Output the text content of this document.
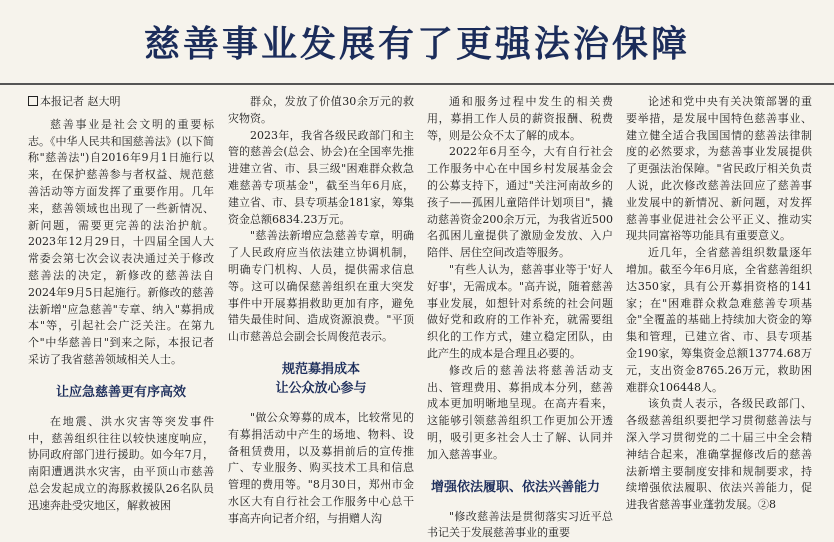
慈善事业发展有了更强法治保障
本报记者 赵大明

慈善事业是社会文明的重要标志。《中华人民共和国慈善法》(以下简称"慈善法")自2016年9月1日施行以来，在保护慈善参与者权益、规范慈善活动等方面发挥了重要作用。几年来，慈善领域也出现了一些新情况、新问题，需要更完善的法治护航。2023年12月29日，十四届全国人大常委会第七次会议表决通过关于修改慈善法的决定，新修改的慈善法自2024年9月5日起施行。新修改的慈善法新增"应急慈善"专章、纳入"募捐成本"等，引起社会广泛关注。在第九个"中华慈善日"到来之际，本报记者采访了我省慈善领域相关人士。

让应急慈善更有序高效

在地震、洪水灾害等突发事件中，慈善组织往往以较快速度响应，协同政府部门进行援助。如今年7月，南阳遭遇洪水灾害，由平顶山市慈善总会发起成立的海豚救援队26名队员迅速奔赴受灾地区，解救被困

群众，发放了价值30余万元的救灾物资。

2023年，我省各级民政部门和主管的慈善会(总会、协会)在全国率先推进建立省、市、县三级"困难群众救急难慈善专项基金"，截至当年6月底，建立省、市、县专项基金181家，筹集资金总额6834.23万元。

"慈善法新增应急慈善专章，明确了人民政府应当依法建立协调机制，明确专门机构、人员，提供需求信息等。这可以确保慈善组织在重大突发事件中开展募捐救助更加有序，避免错失最佳时间、造成资源浪费。"平顶山市慈善总会副会长周俊范表示。

规范募捐成本
让公众放心参与

"做公众筹募的成本，比较常见的有募捐活动中产生的场地、物料、设备租赁费用，以及募捐前后的宣传推广、专业服务、购买技术工具和信息管理的费用等。"8月30日，郑州市金水区大有自行社会工作服务中心总干事高卉向记者介绍，与捐赠人沟

通和服务过程中发生的相关费用，募捐工作人员的薪资报酬、税费等，则是公众不太了解的成本。

2022年6月至今，大有自行社会工作服务中心在中国乡村发展基金会的公募支持下，通过"关注河南故乡的孩子——孤困儿童陪伴计划项目"，撬动慈善资金200余万元，为我省近500名孤困儿童提供了激励金发放、入户陪伴、居住空间改造等服务。

"有些人认为，慈善事业等于'好人好事'，无需成本。"高卉说，随着慈善事业发展，如想针对系统的社会问题做好党和政府的工作补充，就需要组织化的工作方式，建立稳定团队，由此产生的成本是合理且必要的。

修改后的慈善法将慈善活动支出、管理费用、募捐成本分列，慈善成本更加明晰地呈现。在高卉看来，这能够引领慈善组织工作更加公开透明，吸引更多社会人士了解、认同并加入慈善事业。

增强依法履职、依法兴善能力

"修改慈善法是贯彻落实习近平总书记关于发展慈善事业的重要

论述和党中央有关决策部署的重要举措，是发展中国特色慈善事业、建立健全适合我国国情的慈善法律制度的必然要求，为慈善事业发展提供了更强法治保障。"省民政厅相关负责人说，此次修改慈善法回应了慈善事业发展中的新情况、新问题，对发挥慈善事业促进社会公平正义、推动实现共同富裕等功能具有重要意义。

近几年，全省慈善组织数量逐年增加。截至今年6月底，全省慈善组织达350家，具有公开募捐资格的141家；在"困难群众救急难慈善专项基金"全覆盖的基础上持续加大资金的筹集和管理，已建立省、市、县专项基金190家，筹集资金总额13774.68万元，支出资金8765.26万元，救助困难群众106448人。

该负责人表示，各级民政部门、各级慈善组织要把学习贯彻慈善法与深入学习贯彻党的二十届三中全会精神结合起来，准确掌握修改后的慈善法新增主要制度安排和规制要求，持续增强依法履职、依法兴善能力，促进我省慈善事业蓬勃发展。②8
